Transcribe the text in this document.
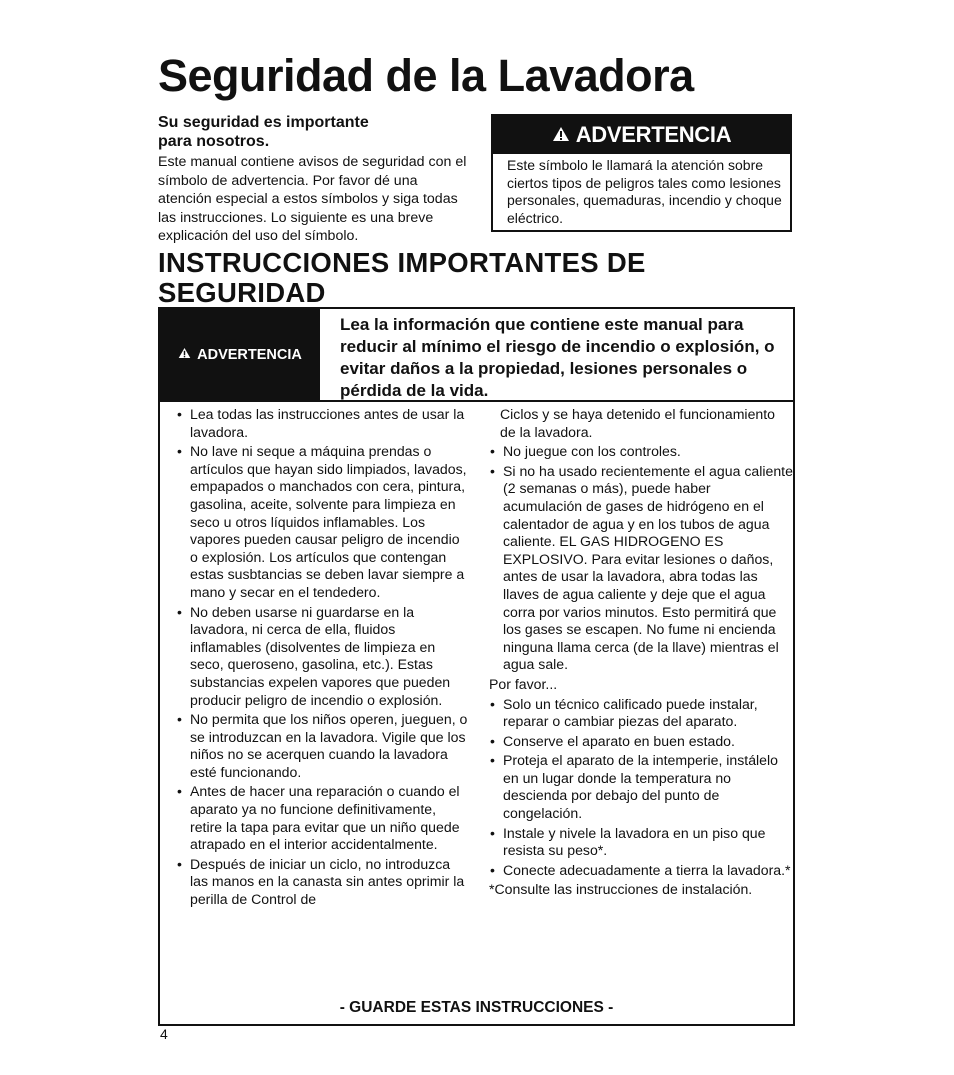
Seguridad de la Lavadora
Su seguridad es importante
para nosotros.

Este manual contiene avisos de seguridad con el símbolo de advertencia. Por favor dé una atención especial a estos símbolos y siga todas las instrucciones. Lo siguiente es una breve explicación del uso del símbolo.

ADVERTENCIA
Este símbolo le llamará la atención sobre ciertos tipos de peligros tales como lesiones personales, quemaduras, incendio y choque eléctrico.
INSTRUCCIONES IMPORTANTES DE
SEGURIDAD
ADVERTENCIA

Lea la información que contiene este manual para reducir al mínimo el riesgo de incendio o explosión, o evitar daños a la propiedad, lesiones personales o pérdida de la vida.

• Lea todas las instrucciones antes de usar la lavadora.
• No lave ni seque a máquina prendas o artículos que hayan sido limpiados, lavados, empapados o manchados con cera, pintura, gasolina, aceite, solvente para limpieza en seco u otros líquidos inflamables. Los vapores pueden causar peligro de incendio o explosión. Los artículos que contengan estas susbtancias se deben lavar siempre a mano y secar en el tendedero.
• No deben usarse ni guardarse en la lavadora, ni cerca de ella, fluidos inflamables (disolventes de limpieza en seco, queroseno, gasolina, etc.). Estas substancias expelen vapores que pueden producir peligro de incendio o explosión.
• No permita que los niños operen, jueguen, o se introduzcan en la lavadora. Vigile que los niños no se acerquen cuando la lavadora esté funcionando.
• Antes de hacer una reparación o cuando el aparato ya no funcione definitivamente, retire la tapa para evitar que un niño quede atrapado en el interior accidentalmente.
• Después de iniciar un ciclo, no introduzca las manos en la canasta sin antes oprimir la perilla de Control de

Ciclos y se haya detenido el funcionamiento de la lavadora.

• No juegue con los controles.
• Si no ha usado recientemente el agua caliente (2 semanas o más), puede haber acumulación de gases de hidrógeno en el calentador de agua y en los tubos de agua caliente. EL GAS HIDROGENO ES EXPLOSIVO. Para evitar lesiones o daños, antes de usar la lavadora, abra todas las llaves de agua caliente y deje que el agua corra por varios minutos. Esto permitirá que los gases se escapen. No fume ni encienda ninguna llama cerca (de la llave) mientras el agua sale.

Por favor...

• Solo un técnico calificado puede instalar, reparar o cambiar piezas del aparato.
• Conserve el aparato en buen estado.
• Proteja el aparato de la intemperie, instálelo en un lugar donde la temperatura no descienda por debajo del punto de congelación.
• Instale y nivele la lavadora en un piso que resista su peso*.
• Conecte adecuadamente a tierra la lavadora.*

*Consulte las instrucciones de instalación.

- GUARDE ESTAS INSTRUCCIONES -
4
